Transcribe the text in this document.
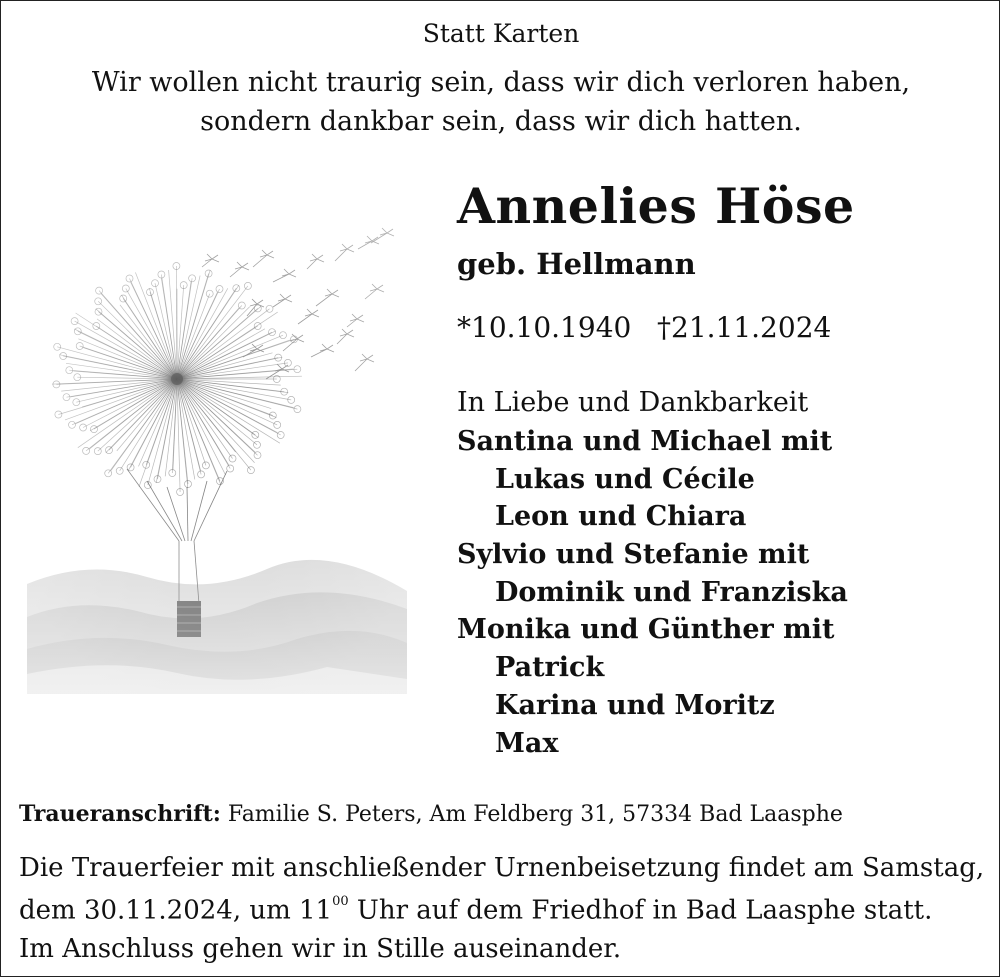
Statt Karten
Wir wollen nicht traurig sein, dass wir dich verloren haben,
sondern dankbar sein, dass wir dich hatten.
Annelies Höse
geb. Hellmann
*10.10.1940 †21.11.2024
In Liebe und Dankbarkeit
Santina und Michael mit
Lukas und Cécile
Leon und Chiara
Sylvio und Stefanie mit
Dominik und Franziska
Monika und Günther mit
Patrick
Karina und Moritz
Max
Traueranschrift: Familie S. Peters, Am Feldberg 31, 57334 Bad Laasphe
Die Trauerfeier mit anschließender Urnenbeisetzung findet am Samstag,
dem 30.11.2024, um $11^{00}$ Uhr auf dem Friedhof in Bad Laasphe statt.
Im Anschluss gehen wir in Stille auseinander.
